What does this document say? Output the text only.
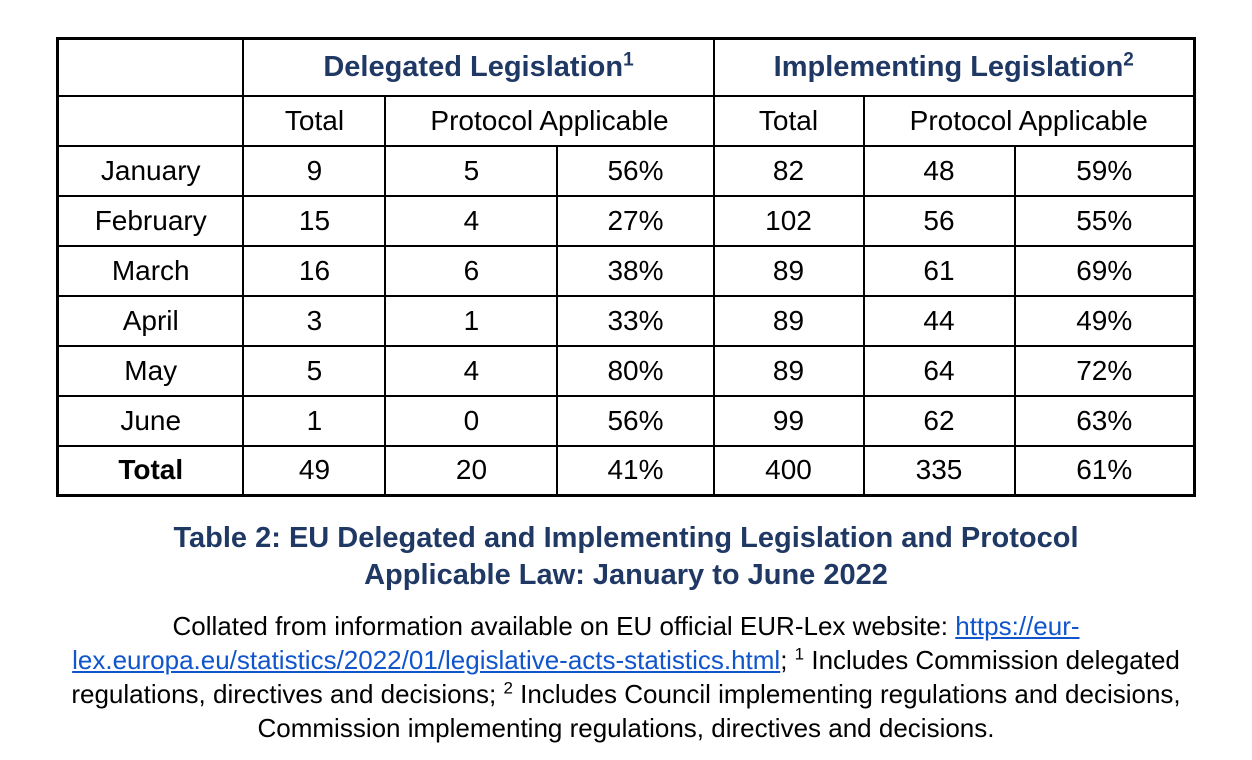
	Delegated Legislation$^1$			Implementing Legislation$^2$
	Total	Protocol Applicable		Total	Protocol Applicable	
January	9	5	56%	82	48	59%
February	15	4	27%	102	56	55%
March	16	6	38%	89	61	69%
April	3	1	33%	89	44	49%
May	5	4	80%	89	64	72%
June	1	0	56%	99	62	63%
Total	49	20	41%	400	335	61%
Table 2: EU Delegated and Implementing Legislation and Protocol Applicable Law: January to June 2022

Collated from information available on EU official EUR-Lex website: https://eur-lex.europa.eu/statistics/2022/01/legislative-acts-statistics.html; $^1$ Includes Commission delegated regulations, directives and decisions; $^2$ Includes Council implementing regulations and decisions, Commission implementing regulations, directives and decisions.
